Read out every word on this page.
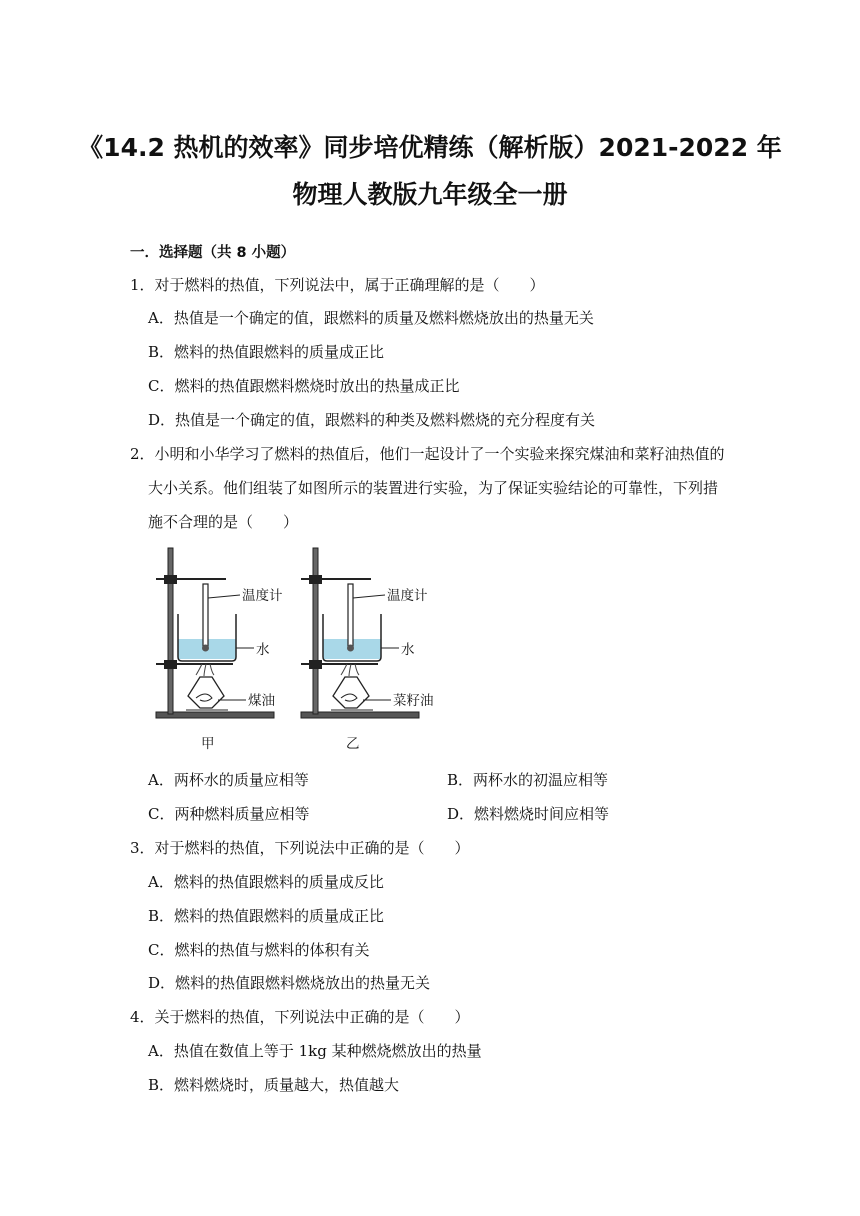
《14.2 热机的效率》同步培优精练（解析版）2021-2022 年
物理人教版九年级全一册
一．选择题（共 8 小题）
1．对于燃料的热值，下列说法中，属于正确理解的是（　　）
A．热值是一个确定的值，跟燃料的质量及燃料燃烧放出的热量无关
B．燃料的热值跟燃料的质量成正比
C．燃料的热值跟燃料燃烧时放出的热量成正比
D．热值是一个确定的值，跟燃料的种类及燃料燃烧的充分程度有关
2．小明和小华学习了燃料的热值后，他们一起设计了一个实验来探究煤油和菜籽油热值的
大小关系。他们组装了如图所示的装置进行实验，为了保证实验结论的可靠性，下列措
施不合理的是（　　）
温度计
水
煤油
甲
温度计
水
菜籽油
乙
A．两杯水的质量应相等	B．两杯水的初温应相等
C．两种燃料质量应相等	D．燃料燃烧时间应相等
3．对于燃料的热值，下列说法中正确的是（　　）
A．燃料的热值跟燃料的质量成反比
B．燃料的热值跟燃料的质量成正比
C．燃料的热值与燃料的体积有关
D．燃料的热值跟燃料燃烧放出的热量无关
4．关于燃料的热值，下列说法中正确的是（　　）
A．热值在数值上等于 1kg 某种燃烧燃放出的热量
B．燃料燃烧时，质量越大，热值越大
